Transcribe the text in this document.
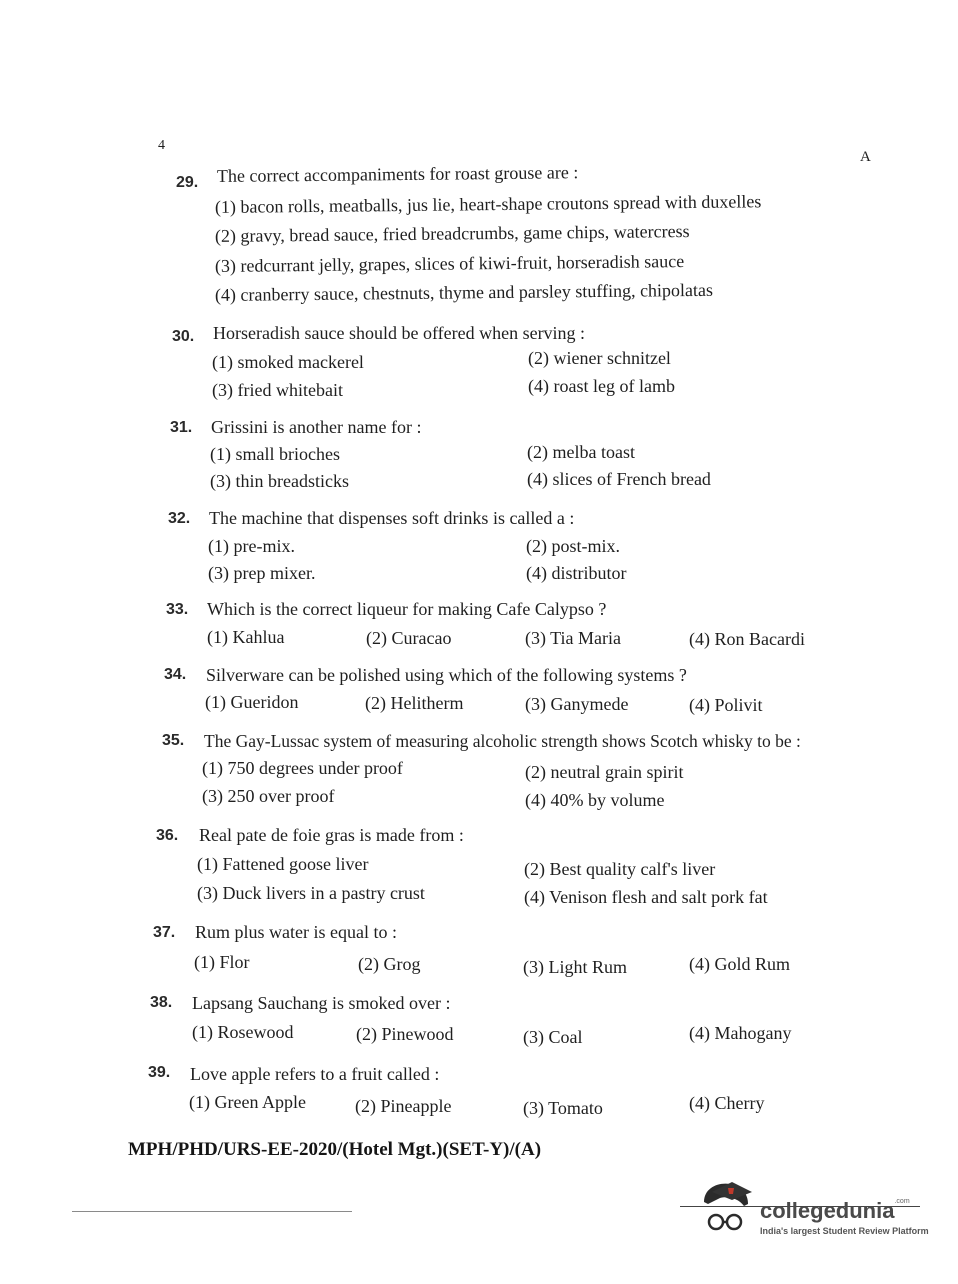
4
A
29. The correct accompaniments for roast grouse are :
(1) bacon rolls, meatballs, jus lie, heart-shape croutons spread with duxelles
(2) gravy, bread sauce, fried breadcrumbs, game chips, watercress
(3) redcurrant jelly, grapes, slices of kiwi-fruit, horseradish sauce
(4) cranberry sauce, chestnuts, thyme and parsley stuffing, chipolatas
30. Horseradish sauce should be offered when serving :
(1) smoked mackerel	(2) wiener schnitzel
(3) fried whitebait	(4) roast leg of lamb
31. Grissini is another name for :
(1) small brioches	(2) melba toast
(3) thin breadsticks	(4) slices of French bread
32. The machine that dispenses soft drinks is called a :
(1) pre-mix.	(2) post-mix.
(3) prep mixer.	(4) distributor
33. Which is the correct liqueur for making Cafe Calypso ?
(1) Kahlua	(2) Curacao	(3) Tia Maria	(4) Ron Bacardi
34. Silverware can be polished using which of the following systems ?
(1) Gueridon	(2) Helitherm	(3) Ganymede	(4) Polivit
35. The Gay-Lussac system of measuring alcoholic strength shows Scotch whisky to be :
(1) 750 degrees under proof	(2) neutral grain spirit
(3) 250 over proof	(4) 40% by volume
36. Real pate de foie gras is made from :
(1) Fattened goose liver	(2) Best quality calf's liver
(3) Duck livers in a pastry crust	(4) Venison flesh and salt pork fat
37. Rum plus water is equal to :
(1) Flor	(2) Grog	(3) Light Rum	(4) Gold Rum
38. Lapsang Sauchang is smoked over :
(1) Rosewood	(2) Pinewood	(3) Coal	(4) Mahogany
39. Love apple refers to a fruit called :
(1) Green Apple	(2) Pineapple	(3) Tomato	(4) Cherry
MPH/PHD/URS-EE-2020/(Hotel Mgt.)(SET-Y)/(A)
collegedunia$^{.com}$
India's largest Student Review Platform
